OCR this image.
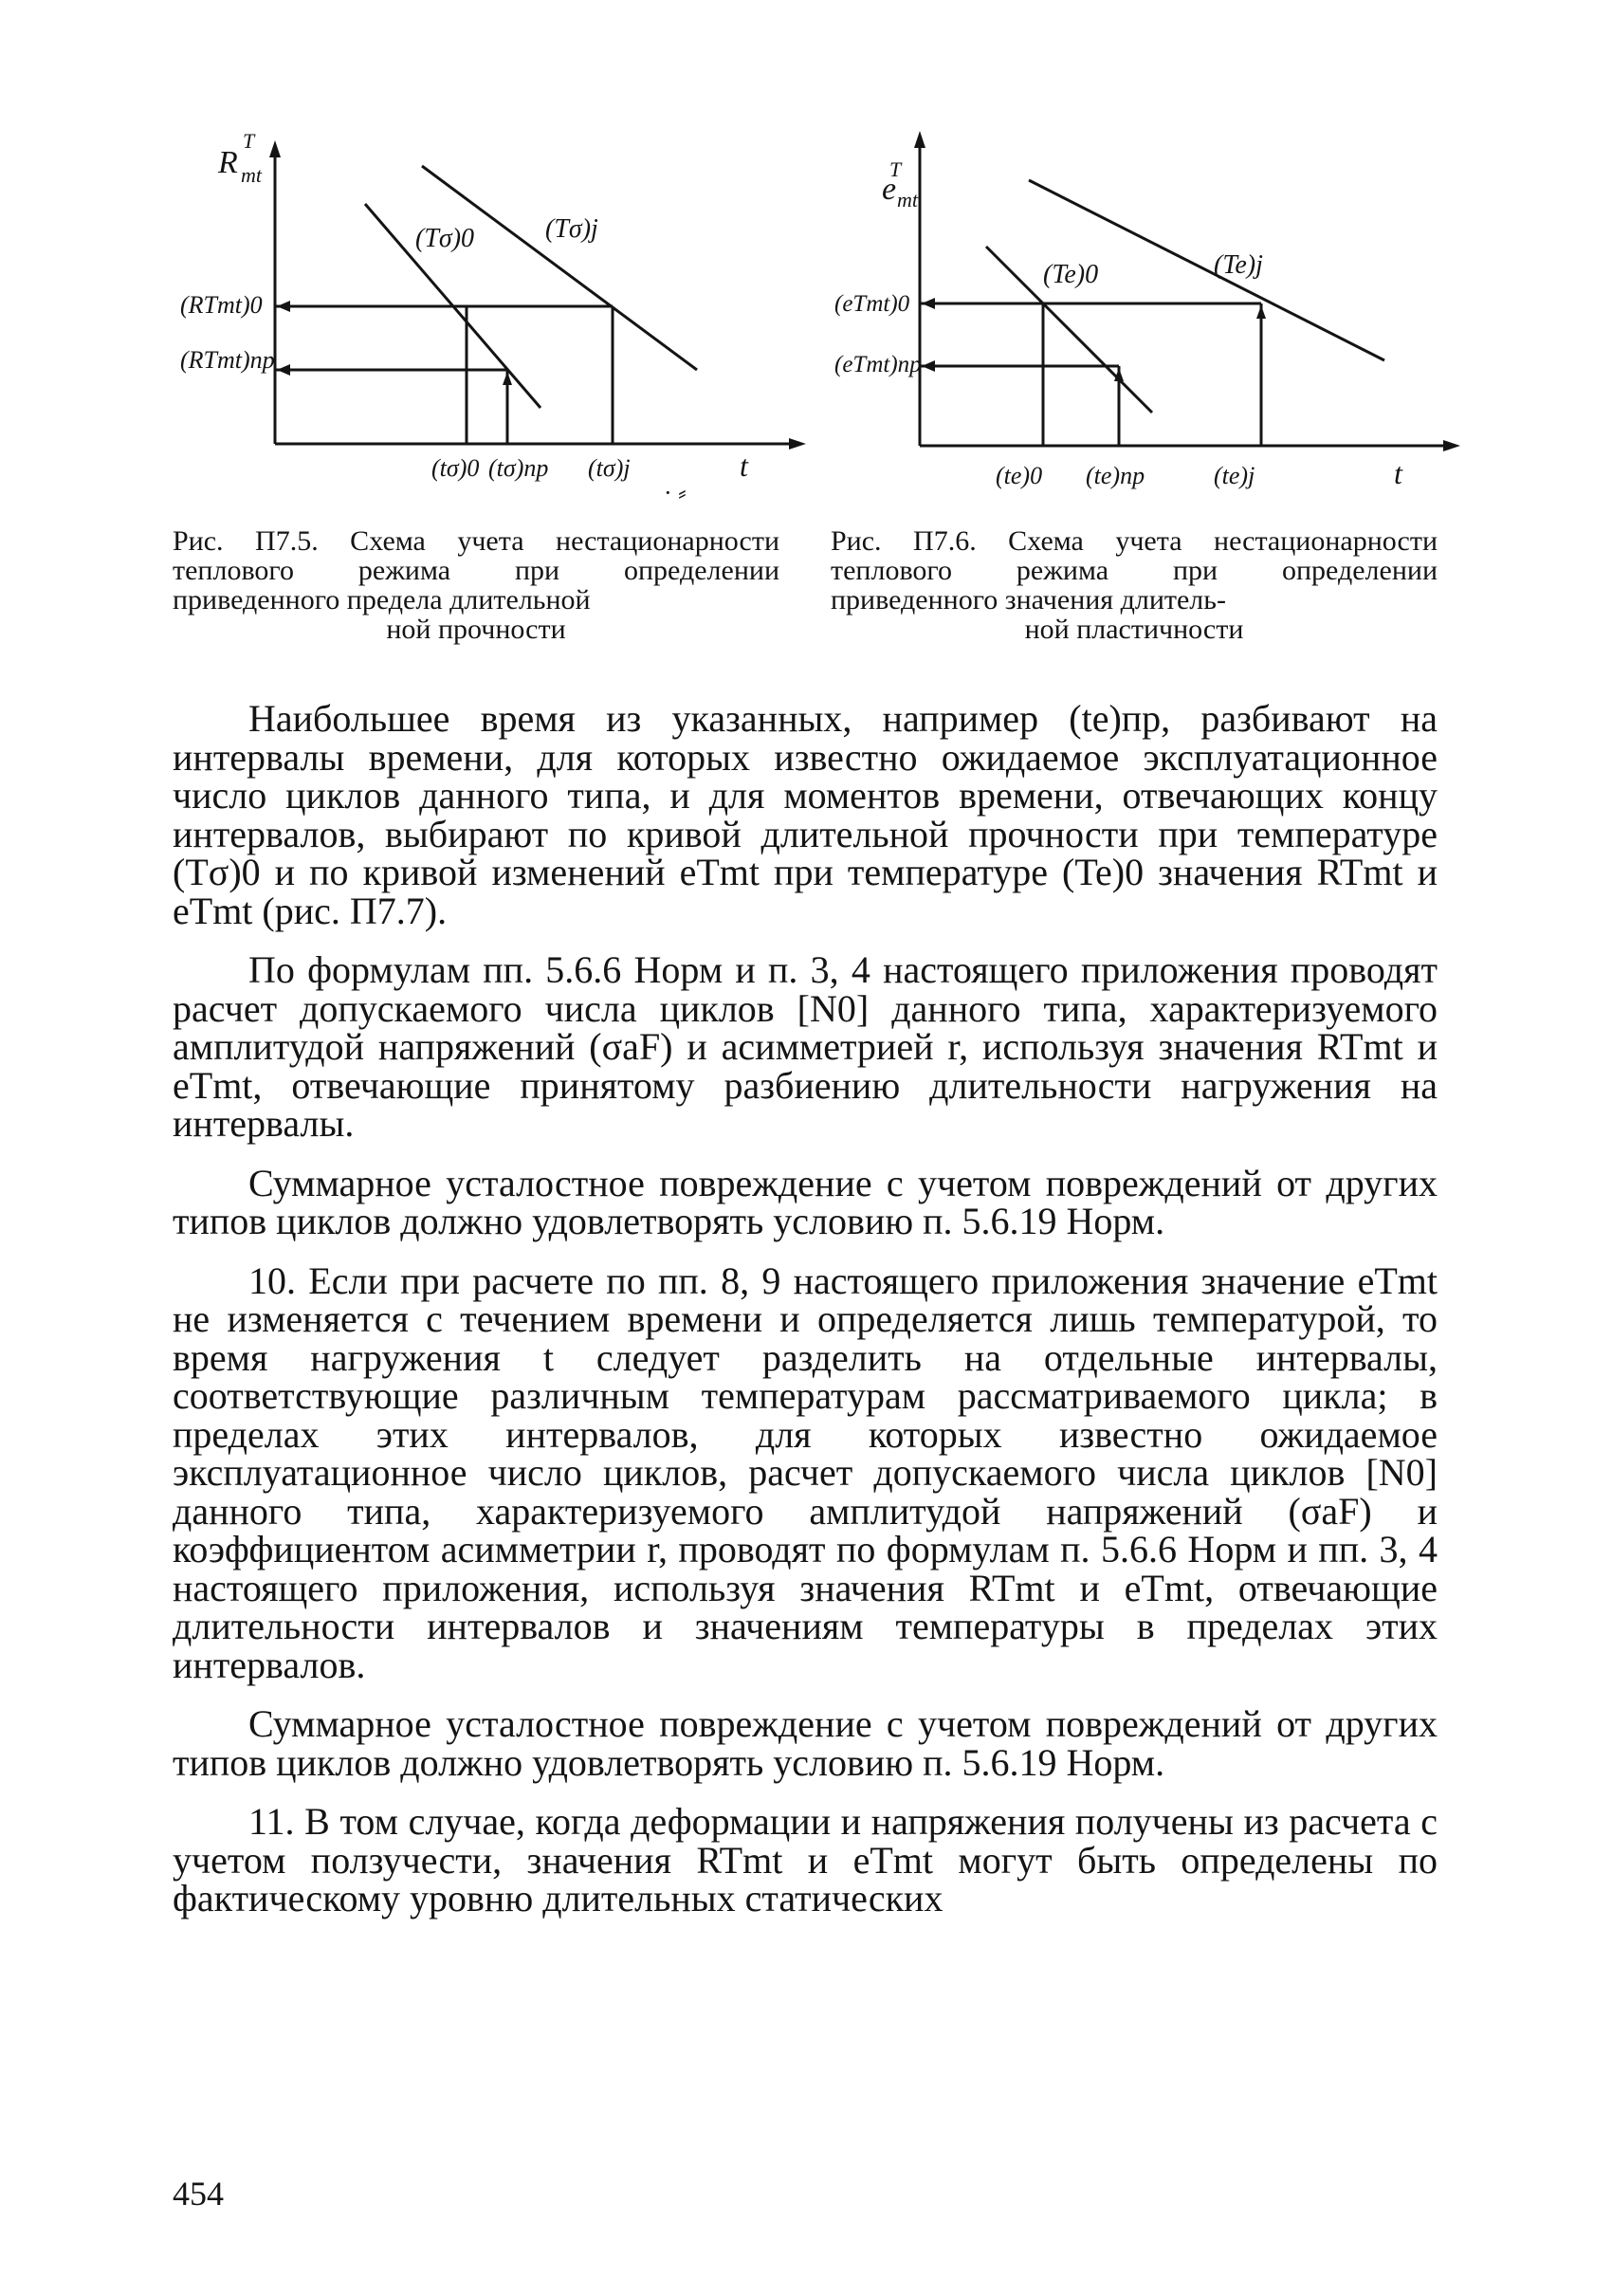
R
T
mt
(Tσ)0	(Tσ)j
(RTmt)0
(RTmt)пр
(tσ)0 (tσ)пр (tσ)j	t
e
T
mt
(Te)0	(Te)j
(eTmt)0
(eTmt)пр
(te)0 (te)пр	(te)j	t
· ⸗
Рис. П7.5. Схема учета нестационарности теплового режима при определении приведенного предела длительной
ной прочности
Рис. П7.6. Схема учета нестационарности теплового режима при определении приведенного значения длитель-
ной пластичности

Наибольшее время из указанных, например (tе)пр, разбивают на интервалы времени, для которых известно ожидаемое эксплуатационное число циклов данного типа, и для моментов времени, отвечающих концу интервалов, выбирают по кривой длительной прочности при температуре (Tσ)0 и по кривой изменений eTmt при температуре (Te)0 значения RTmt и eTmt (рис. П7.7).

По формулам пп. 5.6.6 Норм и п. 3, 4 настоящего приложения проводят расчет допускаемого числа циклов [N0] данного типа, характеризуемого амплитудой напряжений (σaF) и асимметрией r, используя значения RTmt и eTmt, отвечающие принятому разбиению длительности нагружения на интервалы.

Суммарное усталостное повреждение с учетом повреждений от других типов циклов должно удовлетворять условию п. 5.6.19 Норм.

10. Если при расчете по пп. 8, 9 настоящего приложения значение eTmt не изменяется с течением времени и определяется лишь температурой, то время нагружения t следует разделить на отдельные интервалы, соответствующие различным температурам рассматриваемого цикла; в пределах этих интервалов, для которых известно ожидаемое эксплуатационное число циклов, расчет допускаемого числа циклов [N0] данного типа, характеризуемого амплитудой напряжений (σaF) и коэффициентом асимметрии r, проводят по формулам п. 5.6.6 Норм и пп. 3, 4 настоящего приложения, используя значения RTmt и eTmt, отвечающие длительности интервалов и значениям температуры в пределах этих интервалов.

Суммарное усталостное повреждение с учетом повреждений от других типов циклов должно удовлетворять условию п. 5.6.19 Норм.

11. В том случае, когда деформации и напряжения получены из расчета с учетом ползучести, значения RTmt и eTmt могут быть определены по фактическому уровню длительных статических

454
